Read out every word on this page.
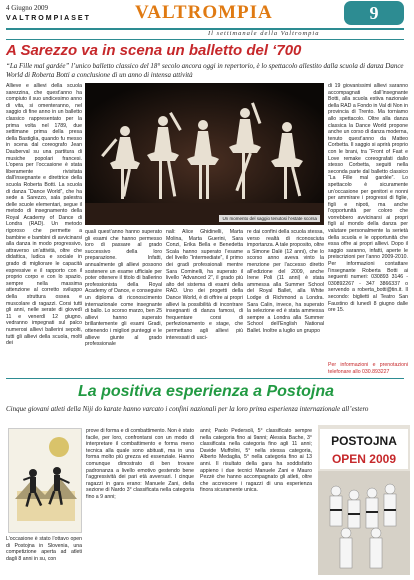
4 Giugno 2009
VALTROMPIASET VALTROMPIA	9
Il settimanale della Valtrompia
A Sarezzo va in scena un balletto del ‘700
“La Fille mal gardée” l’unico balletto classico del 18° secolo ancora oggi in repertorio, è lo spettacolo allestito dalla scuola di danza Dance World di Roberta Botti a conclusione di un anno di intensa attività
Allieve e allievi della scuola sarezzina, che quest’anno ha compiuto il suo undicesimo anno di vita, si omenteranno, nel saggio di fine anno in un balletto classico rappresentato per la prima volta nel 1789, due settimane prima della presa della Bastiglia, quando fu messo in scena dal coreografo Jean Dauberval su una partitura di musiche popolari francesi. L’opera per l’occasione è stata liberamente rivisitata dall’insegnante e direttrice della scuola Roberta Botti. La scuola di danza “Dance World”, che ha sede a Sarezzo, sala palestra delle scuole elementari, segue il metodo di insegnamento della Royal Academy of Dance di Londra (RAD). Un metodo rigoroso che permette a bambine e bambini di avvicinarsi alla danza in modo progressivo, attraverso un’attività, oltre che didattica, ludica e sociale in grado di migliorare le capacità espressive e il rapporto con il proprio corpo e con lo spazio, sempre nella massima attenzione al corretto sviluppo della struttura ossea e muscolare di ragazzi. Corsi tutti gli anni, nelle serate di giovedì 11 e venerdì 12 giugno, vedranno impegnati sul palco numerosi allievi ballerini sepolti, tutti gli allievi della scuola, molti dei
Un momento del saggio tenutosi l’estate scorsa
quali quest’anno hanno superato gli esami che hanno permesso loro di passare al grado successivo della loro preparazione. Infatti, annualmente gli allievi possono sostenere un esame ufficiale per poter ottenere il titolo di ballerino professionista della Royal Academy of Dance, e conseguire un diploma di riconoscimento internazionale come insegnante di ballo. Lo scorso marzo, ben 25 allievi hanno superato brillantemente gli esami Gradi, ottenendo i migliori punteggi e le allieve giunte al grado professionale
nali: Alice Ghidinelli, Marta Molina, Marta Guerini, Sara Conzi, Erika Bella e Benedetta Scala hanno superato l’esame del livello “Intermediate”, il primo dei gradi professionali mentre Sara Cominelli, ha superato il livello “Advanced 2”, il grado più alto del sistema di esami della RAD. Uno dei progetti della Dance World, è di offrire ai propri allievi la possibilità di incontrare insegnanti di danza famosi, di frequentare corsi di perfezionamento e stage, che permettano agli allievi più interessati di usci-
re dai confini della scuola stessa, verso realtà di riconosciuta importanza. A tale proposito, oltre a Simone Dalè (12 anni), che lo scorso anno aveva vinto la menzione per l’accesso diretto all’edizione del 2009, anche Irene Poli (11 anni) è stata ammessa alla Summer School del Royal Ballet, alla White Lodge di Richmond a Londra. Sara Calin, invece, ha superato la selezione ed è stata ammessa sempre a Londra alla Summer School dell’English National Ballet. Inoltre a luglio un gruppo
di 19 giovanissimi allievi saranno accompagnati dall’insegnante Botti, alla scuola estiva nazionale della RAD a Fondo in Val di Non in provincia di Trento. Ma torniamo allo spettacolo. Oltre alla danza classica la Dance World propone anche un corso di danza moderna, tenuto quest’anno da Matteo Corbetta. Il saggio si aprirà proprio con le brani, tra “Front of Fast e Love remake coreografati dallo stesso Corbetta, seguiti nella seconda parte dal balletto classico “La Fille mal gardée”. Lo spettacolo è sicuramente un’occasione per genitori e nonni per ammirare i progressi di figlie, figli e nipoti, ma anche l’opportunità per coloro che vorrebbero avvicinarsi ai propri figli al mondo della danza per valutare personalmente la serietà della scuola e le opportunità che essa offre ai propri allievi. Dopo il saggio saranno, infatti, aperte le preiscrizioni per l’anno 2009-2010. Per informazioni contattare l’insegnante Roberta Botti ai seguenti numeri: 030893 3146 - 030892267 - 347 3866337 o servendo a roberta_botti@tin.it. Il secondo: biglietti al Teatro San Faustino di lunedì 8 giugno dalle ore 15.
Per informazioni e prenotazioni telefonare allo 030.893227
La positiva esperienza a Postojna
Cinque giovani atleti della Niji do karate hanno varcato i confini nazionali per la loro prima esperienza internazionale all’estero
L’occasione è stato l’ottavo open di Postojna in Slovenia, una competizione aperta ad atleti dagli 8 anni in su, con
prove di forma e di combattimento. Non è stato facile, per loro, confrontarsi con un modo di interpretare il combattimento e forma meno tecnica alla quale sono abituati, ma in una forma molto più grezza ed essenziale. Hanno comunque dimostrato di ben trovare padronanza a livello emotivo gestendo bene l’aggressività dei pari età avversari. I cinque ragazzi in gara erano: Manuele Zani, della sezione di Nardo 3° classificata nella categoria fino a 9 anni;
anni; Paolo Pedersoli, 5° classificato sempre nella categoria fino ai 9anni; Alessia Bache, 3° classificata nella categoria fino agli 11 anni; Davide Muffolini, 5° nella stessa categoria, Alberto Medaglia, 5° nella categoria fino ai 13 anni. Il risultato della gara ha soddisfatto appieno i due tecnici Manuele Zani e Mauro Pezzè che hanno accompagnato gli atleti, oltre che accrescere i ragazzi di una esperienza finora sicuramente unica.
POSTOJNA
OPEN 2009
